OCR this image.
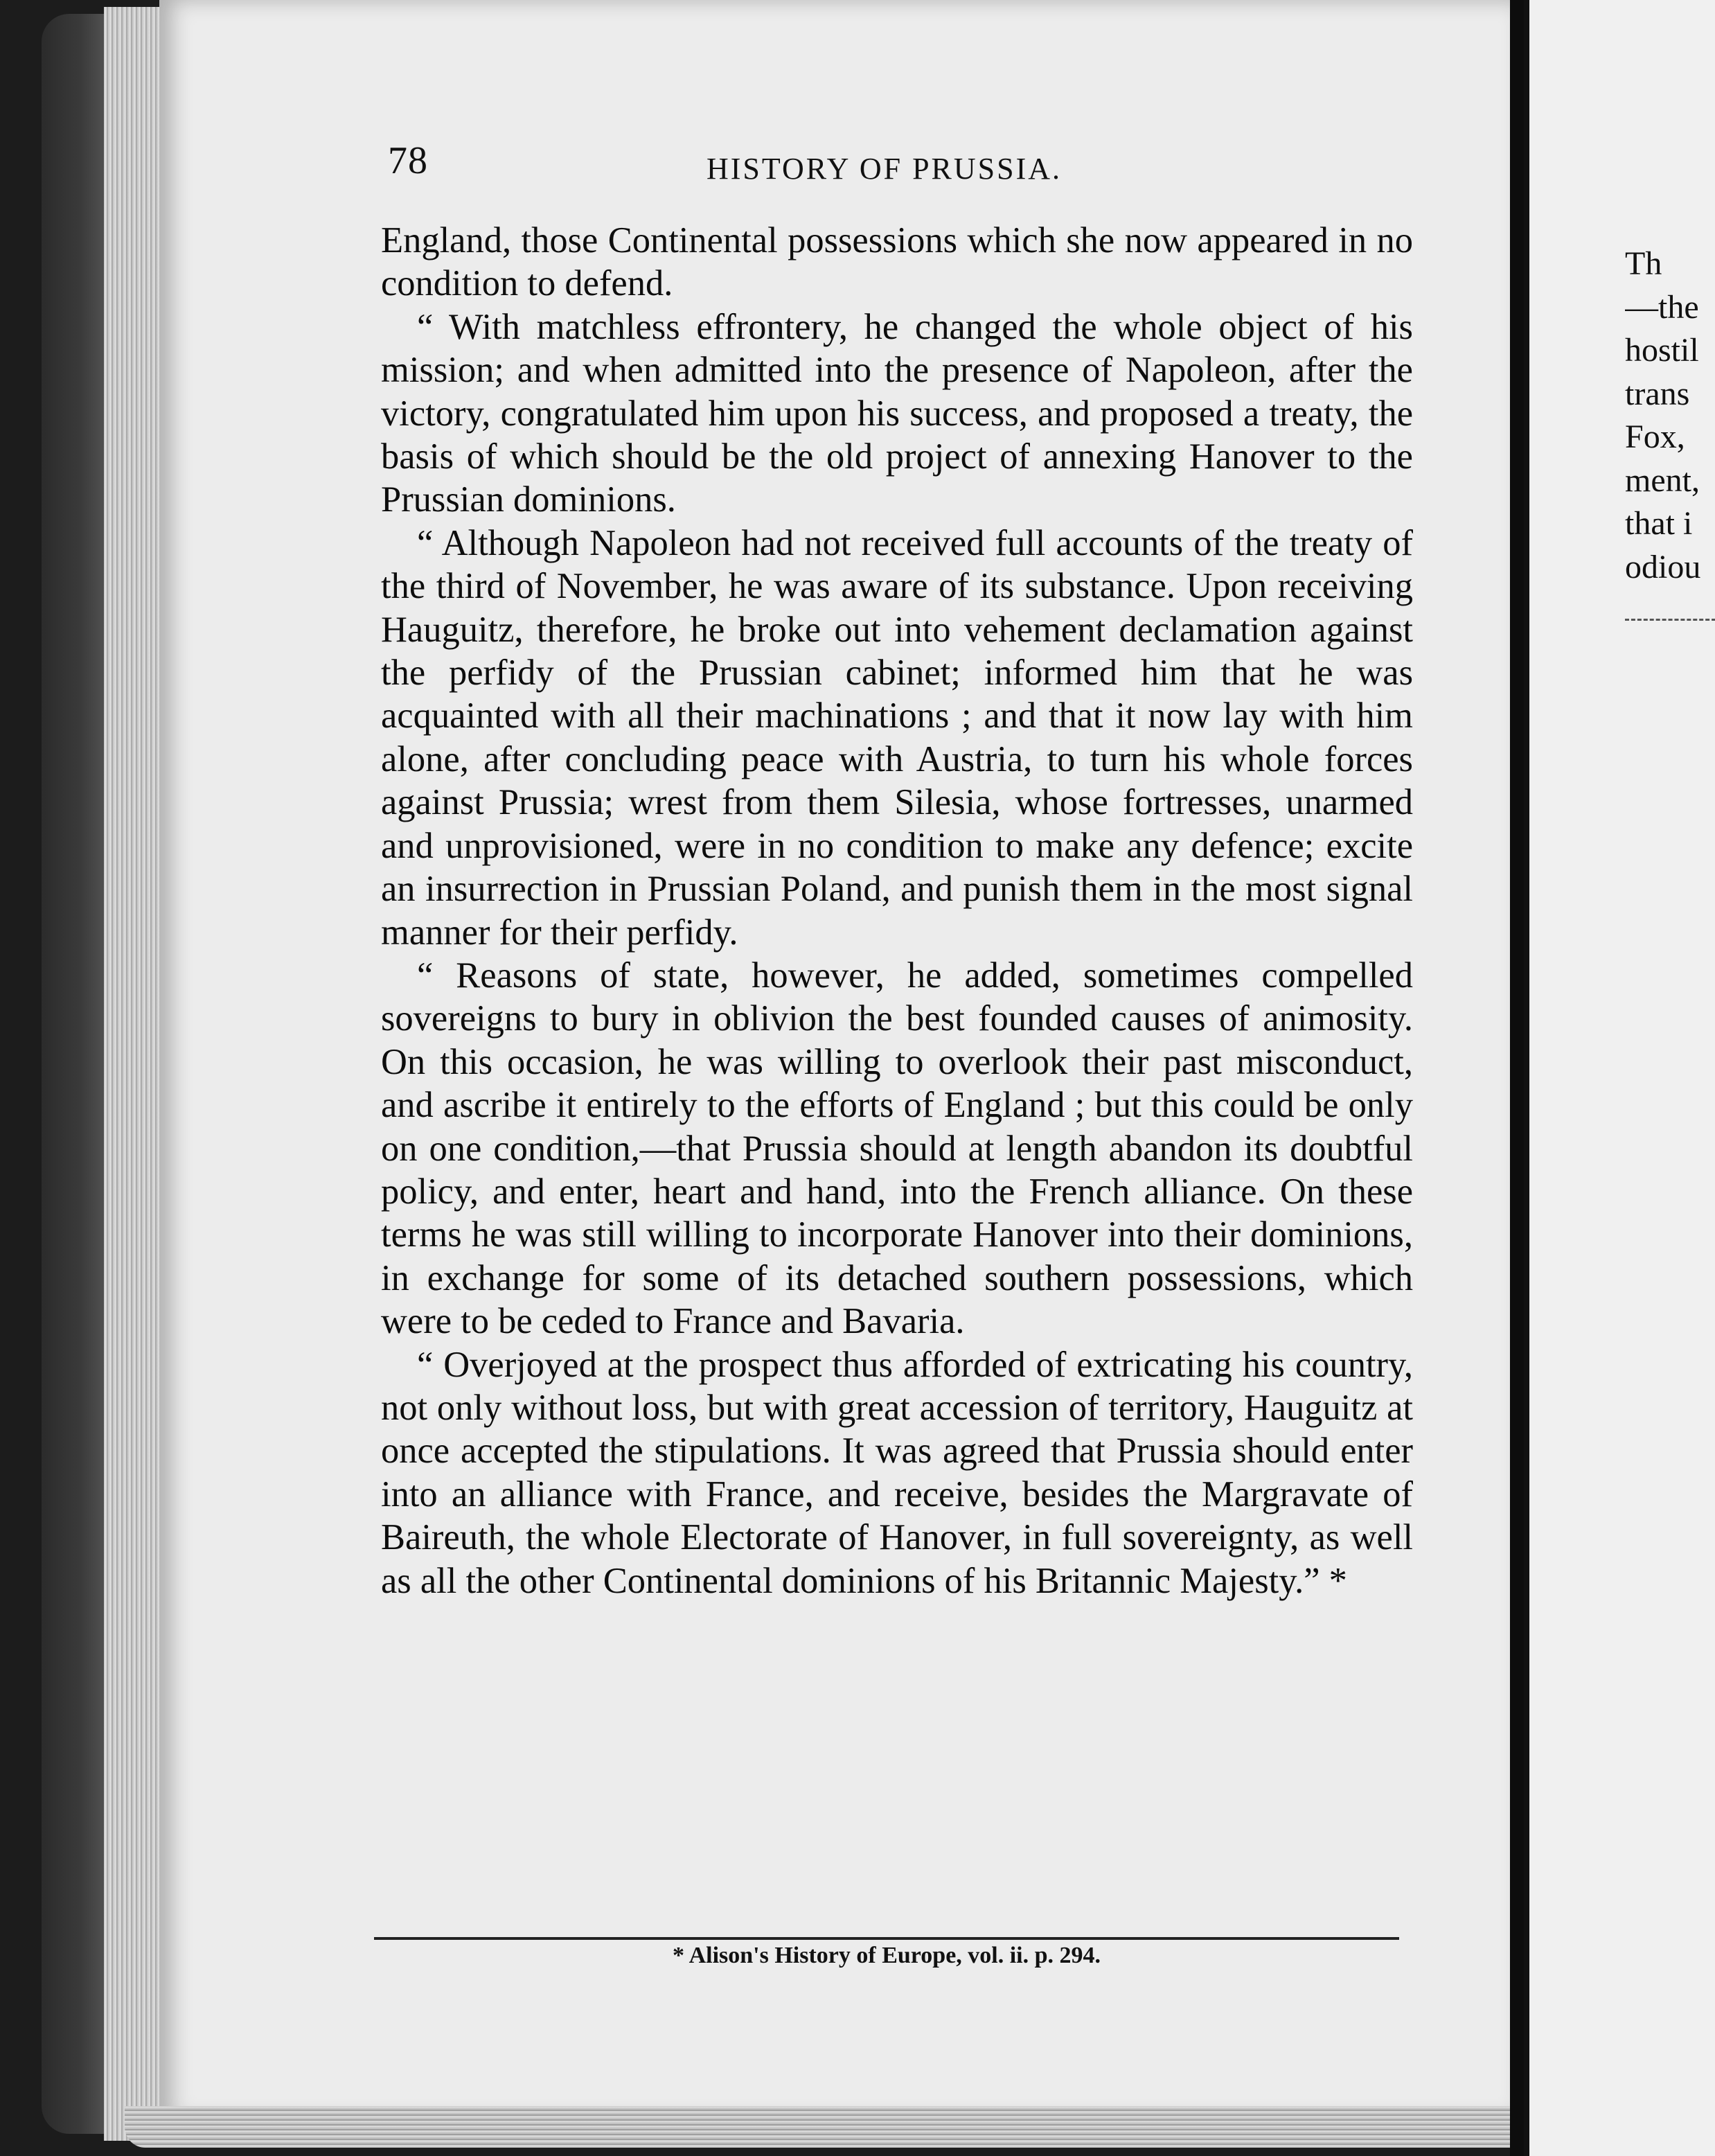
78	HISTORY OF PRUSSIA.

England, those Continental possessions which she now appeared in no condition to defend.

“ With matchless effrontery, he changed the whole object of his mission; and when admitted into the presence of Napoleon, after the victory, congratulated him upon his success, and proposed a treaty, the basis of which should be the old project of annexing Hanover to the Prussian dominions.

“ Although Napoleon had not received full accounts of the treaty of the third of November, he was aware of its substance. Upon receiving Hauguitz, therefore, he broke out into vehement declamation against the perfidy of the Prussian cabinet; informed him that he was acquainted with all their machinations ; and that it now lay with him alone, after concluding peace with Austria, to turn his whole forces against Prussia; wrest from them Silesia, whose fortresses, unarmed and unprovisioned, were in no condition to make any defence; excite an insurrection in Prussian Poland, and punish them in the most signal manner for their perfidy.

“ Reasons of state, however, he added, sometimes compelled sovereigns to bury in oblivion the best founded causes of animosity. On this occasion, he was willing to overlook their past misconduct, and ascribe it entirely to the efforts of England ; but this could be only on one condition,—that Prussia should at length abandon its doubtful policy, and enter, heart and hand, into the French alliance. On these terms he was still willing to incorporate Hanover into their dominions, in exchange for some of its detached southern possessions, which were to be ceded to France and Bavaria.

“ Overjoyed at the prospect thus afforded of extricating his country, not only without loss, but with great accession of territory, Hauguitz at once accepted the stipulations. It was agreed that Prussia should enter into an alliance with France, and receive, besides the Margravate of Baireuth, the whole Electorate of Hanover, in full sovereignty, as well as all the other Continental dominions of his Britannic Majesty.” *

* Alison's History of Europe, vol. ii. p. 294.
Th
—the
hostil
trans
Fox,
ment,
that i
odiou
